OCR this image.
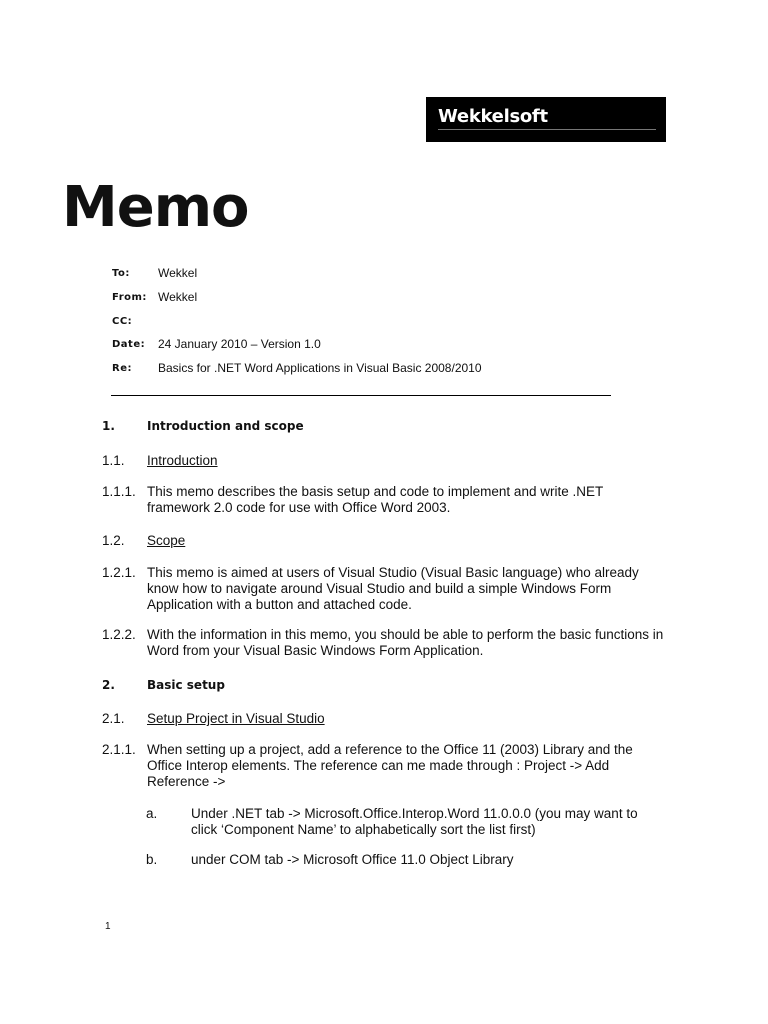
Wekkelsoft
Memo
To: Wekkel
From: Wekkel
CC:
Date: 24 January 2010 – Version 1.0
Re: Basics for .NET Word Applications in Visual Basic 2008/2010
1.	Introduction and scope
1.1. Introduction
1.1.1. This memo describes the basis setup and code to implement and write .NET framework 2.0 code for use with Office Word 2003.
1.2. Scope
1.2.1. This memo is aimed at users of Visual Studio (Visual Basic language) who already know how to navigate around Visual Studio and build a simple Windows Form Application with a button and attached code.
1.2.2. With the information in this memo, you should be able to perform the basic functions in Word from your Visual Basic Windows Form Application.
2.	Basic setup
2.1. Setup Project in Visual Studio
2.1.1. When setting up a project, add a reference to the Office 11 (2003) Library and the Office Interop elements. The reference can me made through : Project -> Add Reference ->
a. Under .NET tab -> Microsoft.Office.Interop.Word 11.0.0.0 (you may want to click ‘Component Name’ to alphabetically sort the list first)
b. under COM tab -> Microsoft Office 11.0 Object Library
1
